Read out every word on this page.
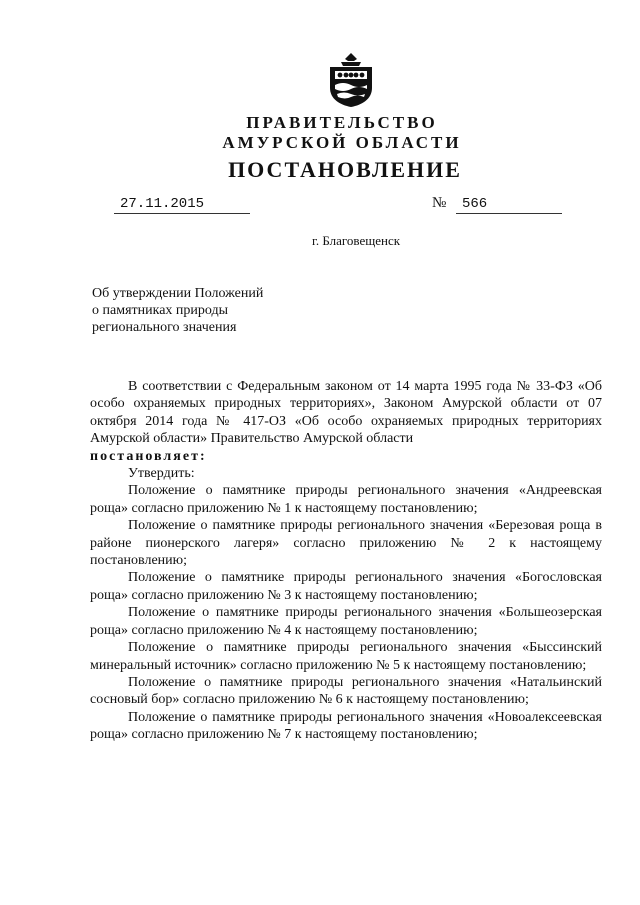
ПРАВИТЕЛЬСТВО
АМУРСКОЙ ОБЛАСТИ
ПОСТАНОВЛЕНИЕ
27.11.2015	№ 566
г. Благовещенск
Об утверждении Положений
о памятниках природы
регионального значения

В соответствии с Федеральным законом от 14 марта 1995 года № 33-ФЗ «Об особо охраняемых природных территориях», Законом Амурской области от 07 октября 2014 года № 417-ОЗ «Об особо охраняемых природных территориях Амурской области» Правительство Амурской области

постановляет:

Утвердить:

Положение о памятнике природы регионального значения «Андреевская роща» согласно приложению № 1 к настоящему постановлению;

Положение о памятнике природы регионального значения «Березовая роща в районе пионерского лагеря» согласно приложению № 2 к настоящему постановлению;

Положение о памятнике природы регионального значения «Богословская роща» согласно приложению № 3 к настоящему постановлению;

Положение о памятнике природы регионального значения «Большеозерская роща» согласно приложению № 4 к настоящему постановлению;

Положение о памятнике природы регионального значения «Быссинский минеральный источник» согласно приложению № 5 к настоящему постановлению;

Положение о памятнике природы регионального значения «Натальинский сосновый бор» согласно приложению № 6 к настоящему постановлению;

Положение о памятнике природы регионального значения «Новоалексеевская роща» согласно приложению № 7 к настоящему постановлению;
